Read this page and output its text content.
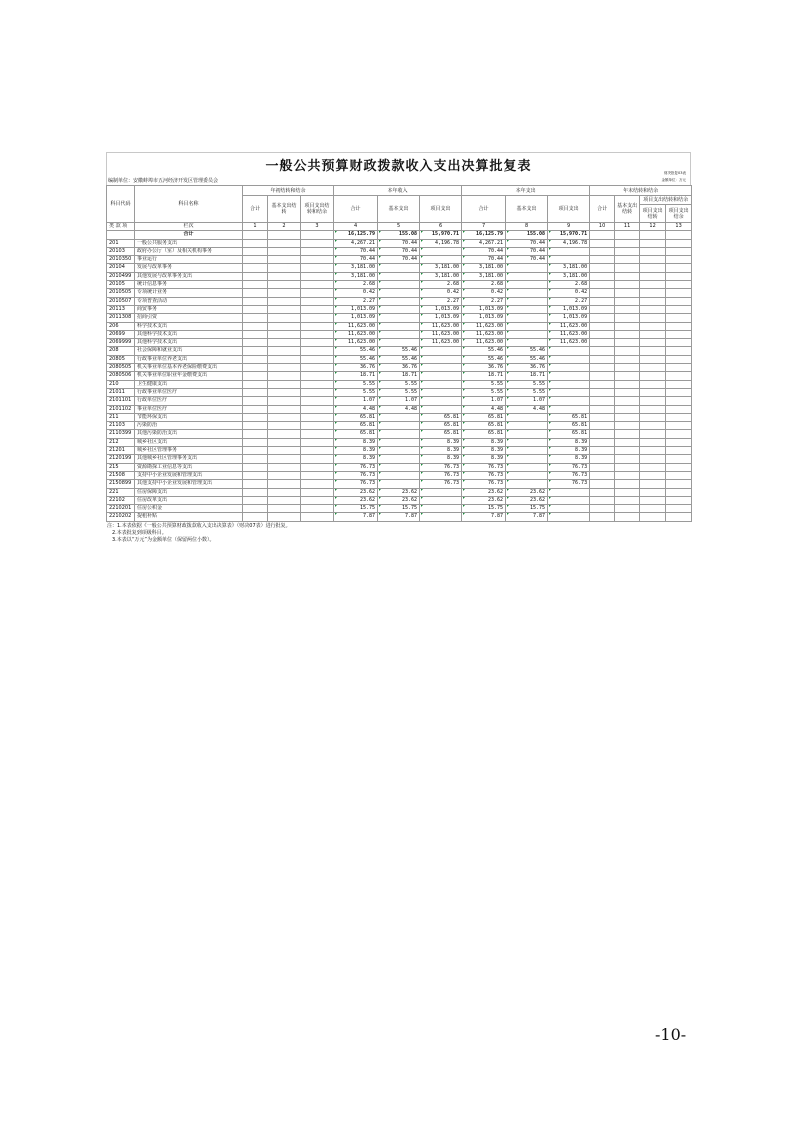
一般公共预算财政拨款收入支出决算批复表	财决批复03表
编制单位：安徽蚌埠市五河经济开发区管理委员会	金额单位：万元
科目代码	科目名称	年初结转和结余			本年收入			本年支出			年末结转和结余			
		合计	基本支出结转	项目支出结转和结余	合计	基本支出	项目支出	合计	基本支出	项目支出	合计	基本支出结转	项目支出结转和结余	
													项目支出结转	项目支出结余
类 款 项	栏次	1	2	3	4	5	6	7	8	9	10	11	12	13
	合计				16,125.79	155.08	15,970.71	16,125.79	155.08	15,970.71				
201	一般公共服务支出				4,267.21	70.44	4,196.78	4,267.21	70.44	4,196.78				
20103	政府办公厅（室）及相关机构事务				70.44	70.44		70.44	70.44					
2010350	事业运行				70.44	70.44		70.44	70.44					
20104	发展与改革事务				3,181.00		3,181.00	3,181.00		3,181.00				
2010499	其他发展与改革事务支出				3,181.00		3,181.00	3,181.00		3,181.00				
20105	统计信息事务				2.68		2.68	2.68		2.68				
2010505	专项统计业务				0.42		0.42	0.42		0.42				
2010507	专项普查活动				2.27		2.27	2.27		2.27				
20113	商贸事务				1,013.09		1,013.09	1,013.09		1,013.09				
2011308	招商引资				1,013.09		1,013.09	1,013.09		1,013.09				
206	科学技术支出				11,623.00		11,623.00	11,623.00		11,623.00				
20699	其他科学技术支出				11,623.00		11,623.00	11,623.00		11,623.00				
2069999	其他科学技术支出				11,623.00		11,623.00	11,623.00		11,623.00				
208	社会保障和就业支出				55.46	55.46		55.46	55.46					
20805	行政事业单位养老支出				55.46	55.46		55.46	55.46					
2080505	机关事业单位基本养老保险缴费支出				36.76	36.76		36.76	36.76					
2080506	机关事业单位职业年金缴费支出				18.71	18.71		18.71	18.71					
210	卫生健康支出				5.55	5.55		5.55	5.55					
21011	行政事业单位医疗				5.55	5.55		5.55	5.55					
2101101	行政单位医疗				1.07	1.07		1.07	1.07					
2101102	事业单位医疗				4.48	4.48		4.48	4.48					
211	节能环保支出				65.81		65.81	65.81		65.81				
21103	污染防治				65.81		65.81	65.81		65.81				
2110399	其他污染防治支出				65.81		65.81	65.81		65.81				
212	城乡社区支出				8.39		8.39	8.39		8.39				
21201	城乡社区管理事务				8.39		8.39	8.39		8.39				
2120199	其他城乡社区管理事务支出				8.39		8.39	8.39		8.39				
215	资源勘探工业信息等支出				76.73		76.73	76.73		76.73				
21508	支持中小企业发展和管理支出				76.73		76.73	76.73		76.73				
2150899	其他支持中小企业发展和管理支出				76.73		76.73	76.73		76.73				
221	住房保障支出				23.62	23.62		23.62	23.62					
22102	住房改革支出				23.62	23.62		23.62	23.62					
2210201	住房公积金				15.75	15.75		15.75	15.75					
2210202	提租补贴				7.87	7.87		7.87	7.87					
注：1.本表依据《一般公共预算财政拨款收入支出决算表》（财决07表）进行批复。
2.本表批复到项级科目。
3.本表以“万元”为金额单位（保留两位小数）。
-10-
